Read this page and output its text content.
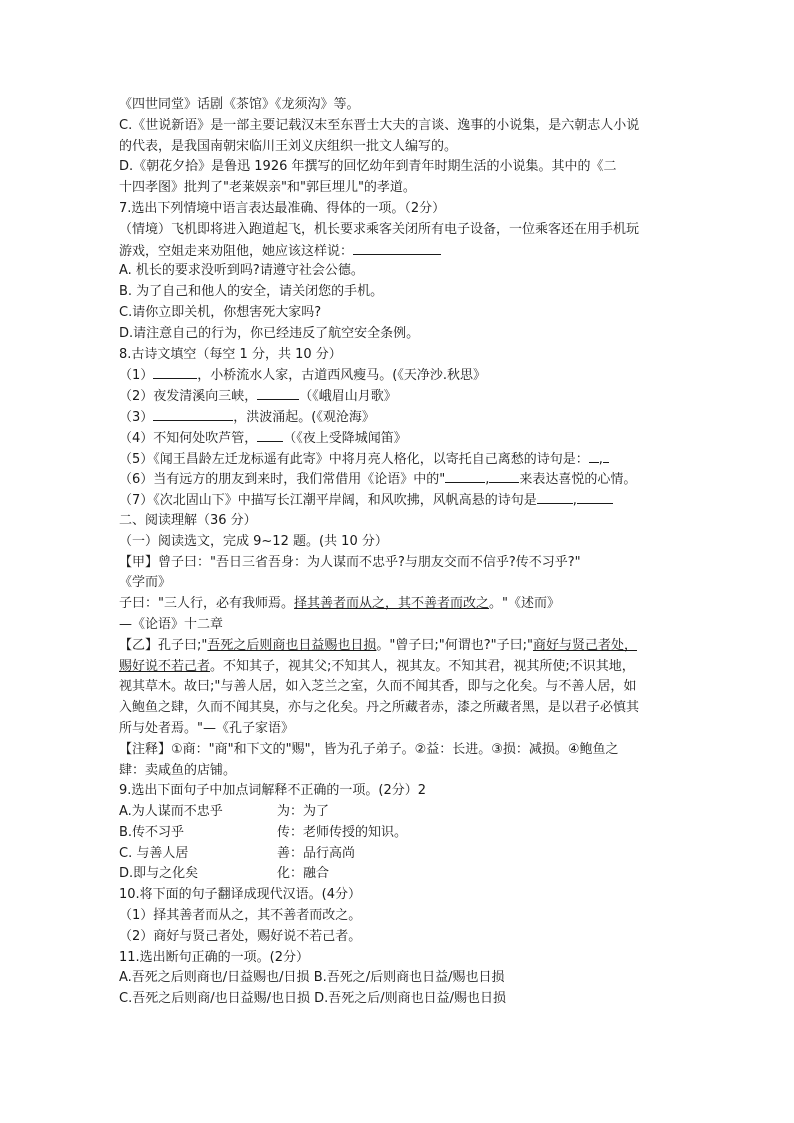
《四世同堂》话剧《茶馆》《龙须沟》等。
C.《世说新语》是一部主要记载汉末至东晋士大夫的言谈、逸事的小说集，是六朝志人小说
的代表，是我国南朝宋临川王刘义庆组织一批文人编写的。
D.《朝花夕拾》是鲁迅 1926 年撰写的回忆幼年到青年时期生活的小说集。其中的《二
十四孝图》批判了"老莱娱亲"和"郭巨埋儿"的孝道。
7.选出下列情境中语言表达最准确、得体的一项。（2分）
（情境）飞机即将进入跑道起飞，机长要求乘客关闭所有电子设备，一位乘客还在用手机玩
游戏，空姐走来劝阻他，她应该这样说：
A. 机长的要求没听到吗?请遵守社会公德。
B. 为了自己和他人的安全，请关闭您的手机。
C.请你立即关机，你想害死大家吗?
D.请注意自己的行为，你已经违反了航空安全条例。
8.古诗文填空（每空 1 分，共 10 分）
（1）	，小桥流水人家，古道西风瘦马。(《天净沙.秋思》
（2）夜发清溪向三峡，	（《峨眉山月歌》
（3）	，洪波涌起。(《观沧海》
（4）不知何处吹芦管， （《夜上受降城闻笛》
（5）《闻王昌龄左迁龙标遥有此寄》中将月亮人格化，以寄托自己离愁的诗句是： ,
（6）当有远方的朋友到来时，我们常借用《论语》中的"	, 来表达喜悦的心情。
（7）《次北固山下》中描写长江潮平岸阔，和风吹拂，风帆高悬的诗句是	,
二、阅读理解（36 分）
（一）阅读选文，完成 9~12 题。(共 10 分）
【甲】曾子曰："吾日三省吾身：为人谋而不忠乎?与朋友交而不信乎?传不习乎?"
《学而》
子曰："三人行，必有我师焉。择其善者而从之，其不善者而改之。"《述而》
—《论语》十二章
【乙】孔子曰;"吾死之后则商也日益赐也日损。"曾子曰;"何谓也?"子曰;"商好与贤己者处，
赐好说不若己者。不知其子，视其父;不知其人，视其友。不知其君，视其所使;不识其地，
视其草木。故曰;"与善人居，如入芝兰之室，久而不闻其香，即与之化矣。与不善人居，如
入鲍鱼之肆，久而不闻其臭，亦与之化矣。丹之所藏者赤，漆之所藏者黑，是以君子必慎其
所与处者焉。"—《孔子家语》
【注释】①商："商"和下文的"赐"，皆为孔子弟子。②益：长进。③损：减损。④鲍鱼之
肆：卖咸鱼的店铺。
9.选出下面句子中加点词解释不正确的一项。(2分）2
A.为人谋而不忠乎	为：为了
B.传不习乎	传：老师传授的知识。
C. 与善人居	善：品行高尚
D.即与之化矣	化：融合
10.将下面的句子翻译成现代汉语。(4分）
（1）择其善者而从之，其不善者而改之。
（2）商好与贤己者处，赐好说不若己者。
11.选出断句正确的一项。(2分）
A.吾死之后则商也/日益赐也/日损 B.吾死之/后则商也日益/赐也日损
C.吾死之后则商/也日益赐/也日损 D.吾死之后/则商也日益/赐也日损
